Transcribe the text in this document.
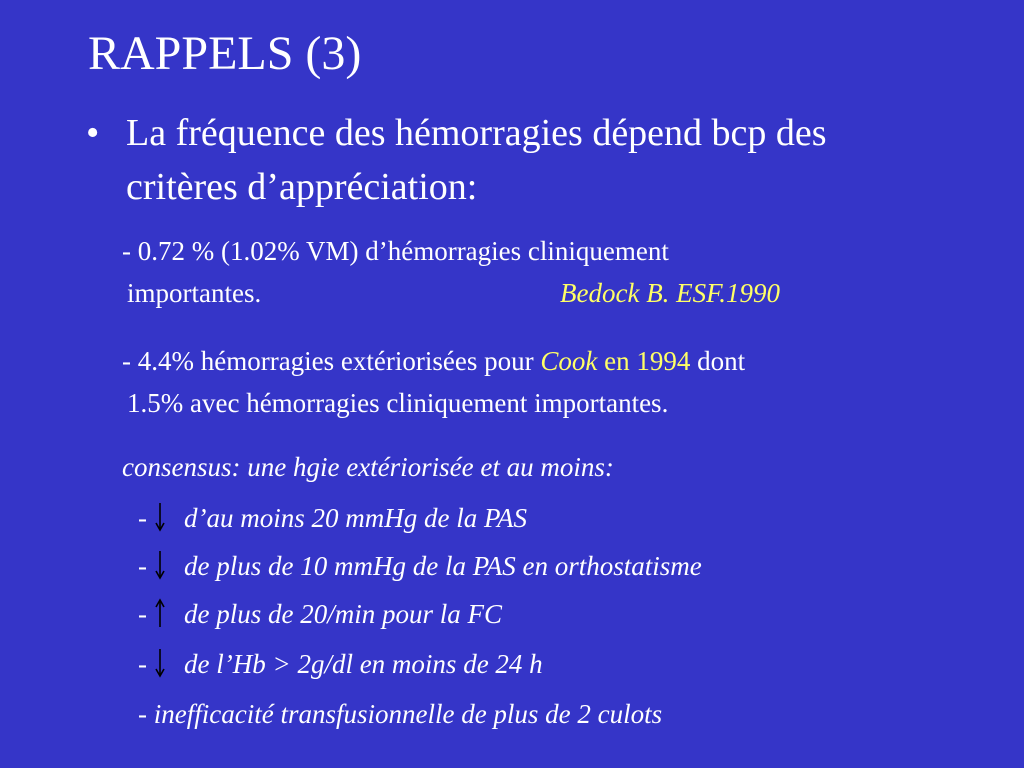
RAPPELS (3)
• La fréquence des hémorragies dépend bcp des critères d’appréciation:
- 0.72 % (1.02% VM) d’hémorragies cliniquement
importantes.	Bedock B. ESF.1990
- 4.4% hémorragies extériorisées pour Cook en 1994 dont
1.5% avec hémorragies cliniquement importantes.
consensus: une hgie extériorisée et au moins:
- d’au moins 20 mmHg de la PAS
- de plus de 10 mmHg de la PAS en orthostatisme
- de plus de 20/min pour la FC
- de l’Hb > 2g/dl en moins de 24 h
- inefficacité transfusionnelle de plus de 2 culots
